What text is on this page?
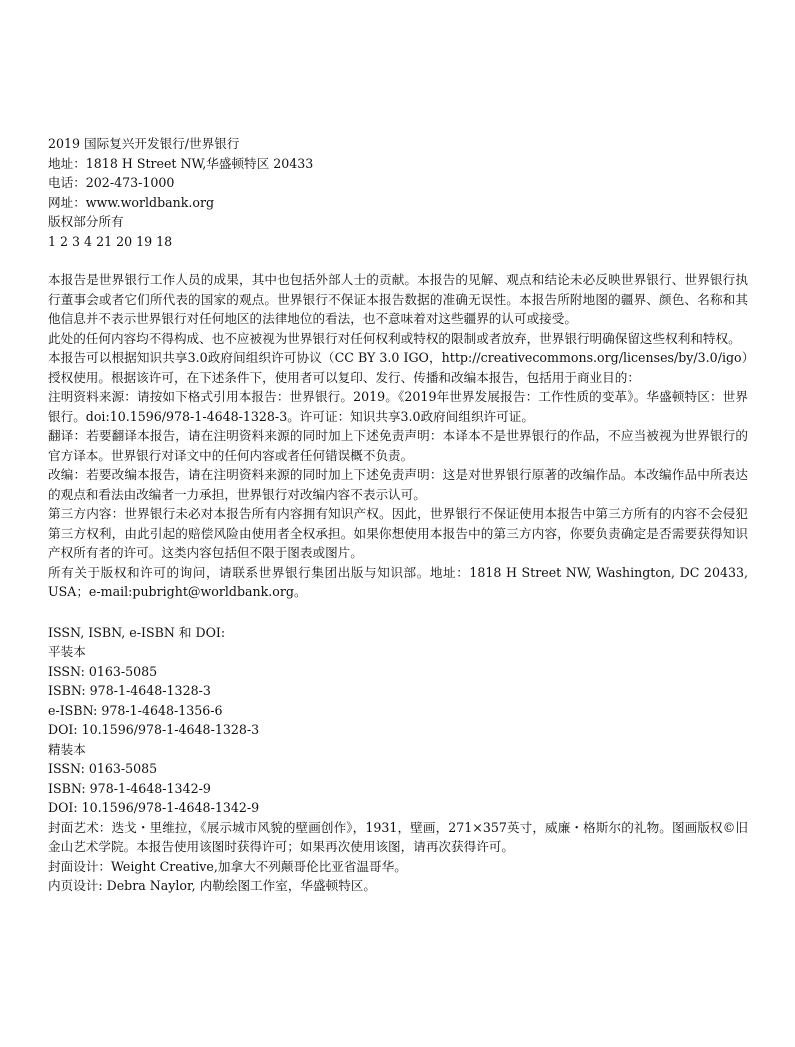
2019 国际复兴开发银行/世界银行
地址：1818 H Street NW,华盛顿特区 20433
电话：202-473-1000
网址：www.worldbank.org
版权部分所有
1 2 3 4 21 20 19 18

本报告是世界银行工作人员的成果，其中也包括外部人士的贡献。本报告的见解、观点和结论未必反映世界银行、世界银行执行董事会或者它们所代表的国家的观点。世界银行不保证本报告数据的准确无误性。本报告所附地图的疆界、颜色、名称和其他信息并不表示世界银行对任何地区的法律地位的看法，也不意味着对这些疆界的认可或接受。

此处的任何内容均不得构成、也不应被视为世界银行对任何权利或特权的限制或者放弃，世界银行明确保留这些权利和特权。

本报告可以根据知识共享3.0政府间组织许可协议（CC BY 3.0 IGO，http://creativecommons.org/licenses/by/3.0/igo）授权使用。根据该许可，在下述条件下，使用者可以复印、发行、传播和改编本报告，包括用于商业目的：

注明资料来源：请按如下格式引用本报告：世界银行。2019。《2019年世界发展报告：工作性质的变革》。华盛顿特区：世界银行。doi:10.1596/978-1-4648-1328-3。许可证：知识共享3.0政府间组织许可证。

翻译：若要翻译本报告，请在注明资料来源的同时加上下述免责声明：本译本不是世界银行的作品，不应当被视为世界银行的官方译本。世界银行对译文中的任何内容或者任何错误概不负责。

改编：若要改编本报告，请在注明资料来源的同时加上下述免责声明：这是对世界银行原著的改编作品。本改编作品中所表达的观点和看法由改编者一力承担，世界银行对改编内容不表示认可。

第三方内容：世界银行未必对本报告所有内容拥有知识产权。因此，世界银行不保证使用本报告中第三方所有的内容不会侵犯第三方权利，由此引起的赔偿风险由使用者全权承担。如果你想使用本报告中的第三方内容，你要负责确定是否需要获得知识产权所有者的许可。这类内容包括但不限于图表或图片。

所有关于版权和许可的询问，请联系世界银行集团出版与知识部。地址：1818 H Street NW, Washington, DC 20433, USA；e-mail:pubright@worldbank.org。

ISSN, ISBN, e-ISBN 和 DOI:
平装本
ISSN: 0163-5085
ISBN: 978-1-4648-1328-3
e-ISBN: 978-1-4648-1356-6
DOI: 10.1596/978-1-4648-1328-3
精装本
ISSN: 0163-5085
ISBN: 978-1-4648-1342-9
DOI: 10.1596/978-1-4648-1342-9

封面艺术：迭戈・里维拉，《展示城市风貌的壁画创作》，1931，壁画，271×357英寸，威廉・格斯尔的礼物。图画版权©旧金山艺术学院。本报告使用该图时获得许可；如果再次使用该图，请再次获得许可。

封面设计：Weight Creative,加拿大不列颠哥伦比亚省温哥华。

内页设计: Debra Naylor, 内勒绘图工作室，华盛顿特区。
